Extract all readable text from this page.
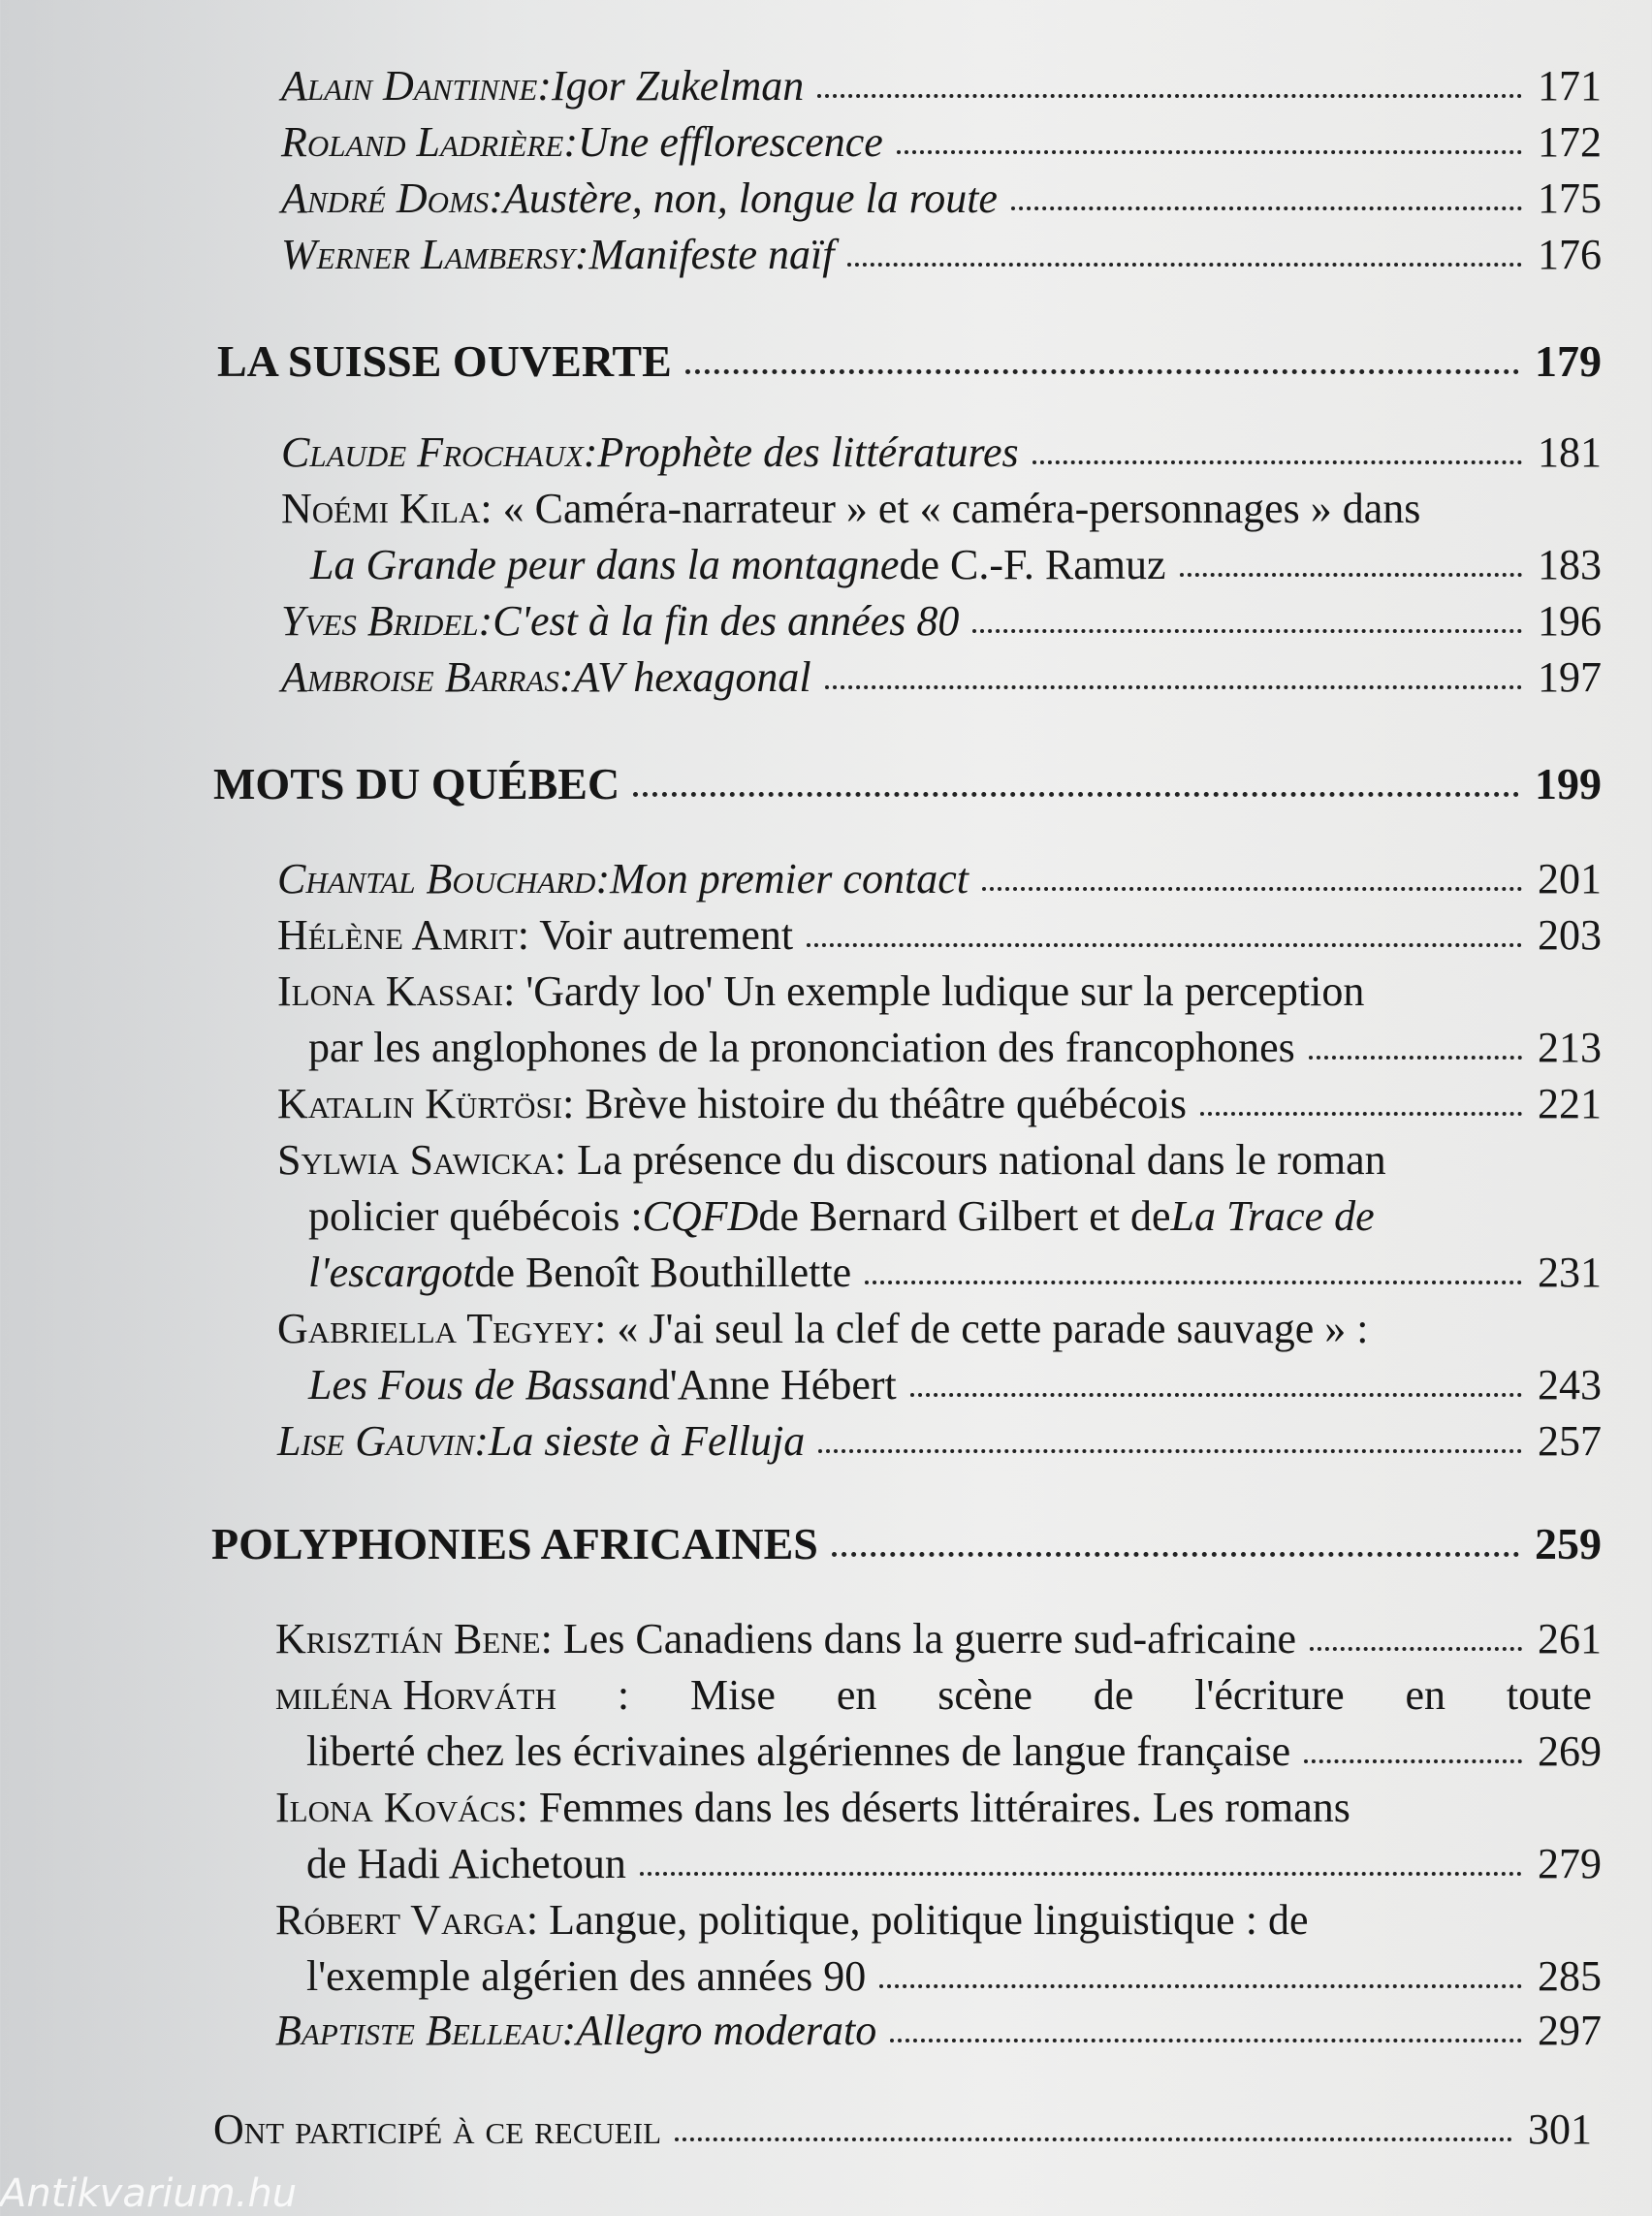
Alain Dantinne : Igor Zukelman	171
Roland Ladrière : Une efflorescence	172
André Doms : Austère, non, longue la route	175
Werner Lambersy : Manifeste naïf	176
LA SUISSE OUVERTE	179
Claude Frochaux : Prophète des littératures	181
Noémi Kila : « Caméra-narrateur » et « caméra-personnages » dans
La Grande peur dans la montagne de C.-F. Ramuz	183
Yves Bridel : C'est à la fin des années 80	196
Ambroise Barras : AV hexagonal	197
MOTS DU QUÉBEC	199
Chantal Bouchard : Mon premier contact	201
Hélène Amrit : Voir autrement	203
Ilona Kassai : 'Gardy loo' Un exemple ludique sur la perception
par les anglophones de la prononciation des francophones	213
Katalin Kürtösi : Brève histoire du théâtre québécois	221
Sylwia Sawicka : La présence du discours national dans le roman
policier québécois : CQFD de Bernard Gilbert et de La Trace de
l'escargot de Benoît Bouthillette	231
Gabriella Tegyey : « J'ai seul la clef de cette parade sauvage » :
Les Fous de Bassan d'Anne Hébert	243
Lise Gauvin : La sieste à Felluja	257
POLYPHONIES AFRICAINES	259
Krisztián Bene : Les Canadiens dans la guerre sud-africaine	261
miléna Horváth : Mise en scène de l'écriture en toute
liberté chez les écrivaines algériennes de langue française	269
Ilona Kovács : Femmes dans les déserts littéraires. Les romans
de Hadi Aichetoun	279
Róbert Varga : Langue, politique, politique linguistique : de
l'exemple algérien des années 90	285
Baptiste Belleau : Allegro moderato	297
Ont participé à ce recueil	301
Antikvarium.hu
